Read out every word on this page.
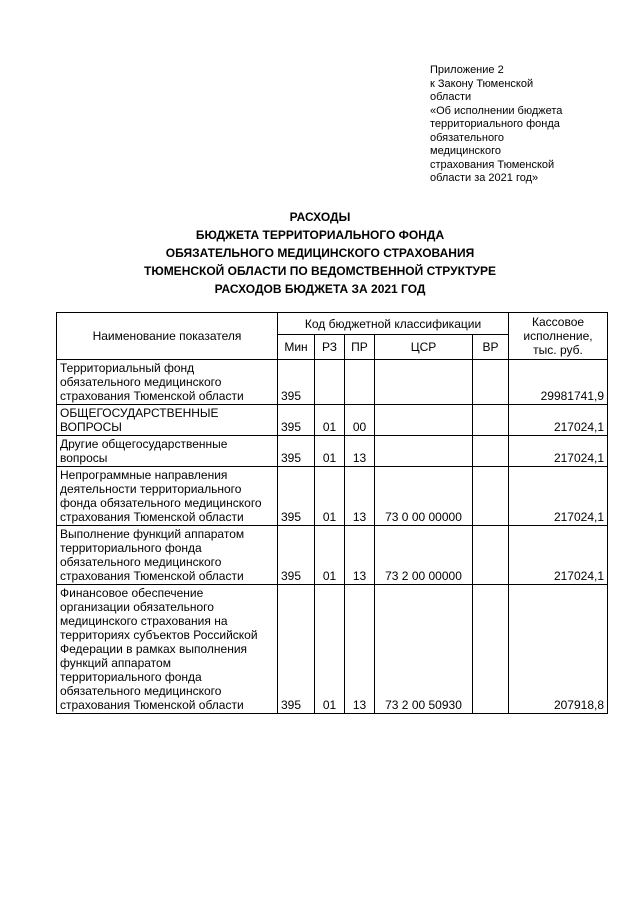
Приложение 2
к Закону Тюменской
области
«Об исполнении бюджета
территориального фонда
обязательного
медицинского
страхования Тюменской
области за 2021 год»
РАСХОДЫ
БЮДЖЕТА ТЕРРИТОРИАЛЬНОГО ФОНДА
ОБЯЗАТЕЛЬНОГО МЕДИЦИНСКОГО СТРАХОВАНИЯ
ТЮМЕНСКОЙ ОБЛАСТИ ПО ВЕДОМСТВЕННОЙ СТРУКТУРЕ
РАСХОДОВ БЮДЖЕТА ЗА 2021 ГОД
Наименование показателя	Код бюджетной классификации					Кассовое исполнение, тыс. руб.
	Мин	РЗ	ПР	ЦСР	ВР	
Территориальный фонд обязательного медицинского страхования Тюменской области	395					29981741,9
ОБЩЕГОСУДАРСТВЕННЫЕ ВОПРОСЫ	395	01	00			217024,1
Другие общегосударственные вопросы	395	01	13			217024,1
Непрограммные направления деятельности территориального фонда обязательного медицинского страхования Тюменской области	395	01	13	73 0 00 00000		217024,1
Выполнение функций аппаратом территориального фонда обязательного медицинского страхования Тюменской области	395	01	13	73 2 00 00000		217024,1
Финансовое обеспечение организации обязательного медицинского страхования на территориях субъектов Российской Федерации в рамках выполнения функций аппаратом территориального фонда обязательного медицинского страхования Тюменской области	395	01	13	73 2 00 50930		207918,8
